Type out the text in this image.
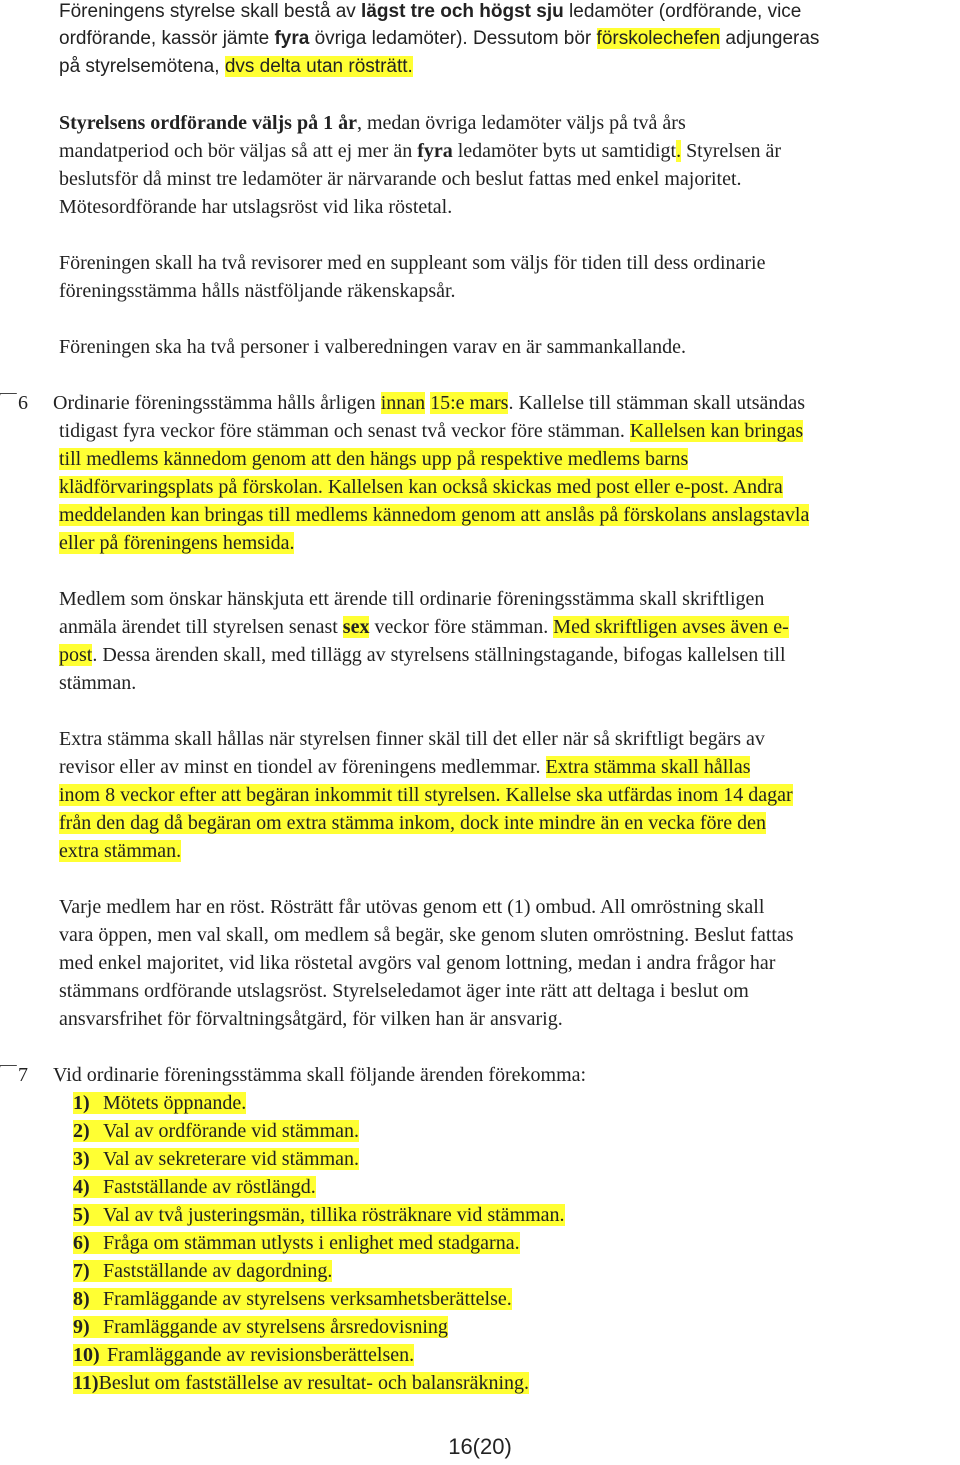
Föreningens styrelse skall bestå av lägst tre och högst sju ledamöter (ordförande, vice
ordförande, kassör jämte fyra övriga ledamöter). Dessutom bör förskolechefen adjungeras
på styrelsemötena, dvs delta utan rösträtt.
Styrelsens ordförande väljs på 1 år, medan övriga ledamöter väljs på två års
mandatperiod och bör väljas så att ej mer än fyra ledamöter byts ut samtidigt. Styrelsen är
beslutsför då minst tre ledamöter är närvarande och beslut fattas med enkel majoritet.
Mötesordförande har utslagsröst vid lika röstetal.
Föreningen skall ha två revisorer med en suppleant som väljs för tiden till dess ordinarie
föreningsstämma hålls nästföljande räkenskapsår.
Föreningen ska ha två personer i valberedningen varav en är sammankallande.
6 Ordinarie föreningsstämma hålls årligen innan 15:e mars. Kallelse till stämman skall utsändas
tidigast fyra veckor före stämman och senast två veckor före stämman. Kallelsen kan bringas
till medlems kännedom genom att den hängs upp på respektive medlems barns
klädförvaringsplats på förskolan. Kallelsen kan också skickas med post eller e-post. Andra
meddelanden kan bringas till medlems kännedom genom att anslås på förskolans anslagstavla
eller på föreningens hemsida.
Medlem som önskar hänskjuta ett ärende till ordinarie föreningsstämma skall skriftligen
anmäla ärendet till styrelsen senast sex veckor före stämman. Med skriftligen avses även e-
post. Dessa ärenden skall, med tillägg av styrelsens ställningstagande, bifogas kallelsen till
stämman.
Extra stämma skall hållas när styrelsen finner skäl till det eller när så skriftligt begärs av
revisor eller av minst en tiondel av föreningens medlemmar. Extra stämma skall hållas
inom 8 veckor efter att begäran inkommit till styrelsen. Kallelse ska utfärdas inom 14 dagar
från den dag då begäran om extra stämma inkom, dock inte mindre än en vecka före den
extra stämman.
Varje medlem har en röst. Rösträtt får utövas genom ett (1) ombud. All omröstning skall
vara öppen, men val skall, om medlem så begär, ske genom sluten omröstning. Beslut fattas
med enkel majoritet, vid lika röstetal avgörs val genom lottning, medan i andra frågor har
stämmans ordförande utslagsröst. Styrelseledamot äger inte rätt att deltaga i beslut om
ansvarsfrihet för förvaltningsåtgärd, för vilken han är ansvarig.
7 Vid ordinarie föreningsstämma skall följande ärenden förekomma:
1) Mötets öppnande.
2) Val av ordförande vid stämman.
3) Val av sekreterare vid stämman.
4) Fastställande av röstlängd.
5) Val av två justeringsmän, tillika rösträknare vid stämman.
6) Fråga om stämman utlysts i enlighet med stadgarna.
7) Fastställande av dagordning.
8) Framläggande av styrelsens verksamhetsberättelse.
9) Framläggande av styrelsens årsredovisning
10) Framläggande av revisionsberättelsen.
11)Beslut om fastställelse av resultat- och balansräkning.
16(20)
